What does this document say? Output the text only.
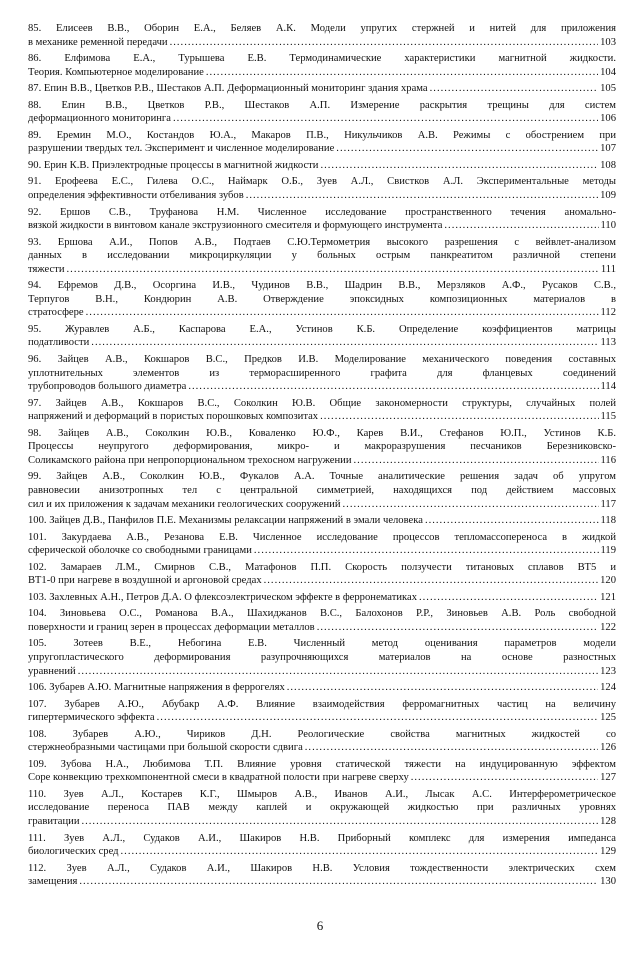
85. Елисеев В.В., Оборин Е.А., Беляев А.К. Модели упругих стержней и нитей для приложения
в механике ременной передачи .....	103
86. Елфимова Е.А., Турышева Е.В. Термодинамические характеристики магнитной жидкости.
Теория. Компьютерное моделирование .....	104
87. Епин В.В., Цветков Р.В., Шестаков А.П. Деформационный мониторинг здания храма .....	105
88. Епин В.В., Цветков Р.В., Шестаков А.П. Измерение раскрытия трещины для систем
деформационного мониторинга .....	106
89. Еремин М.О., Костандов Ю.А., Макаров П.В., Никульчиков А.В. Режимы с обострением при
разрушении твердых тел. Эксперимент и численное моделирование .....	107
90. Ерин К.В. Приэлектродные процессы в магнитной жидкости .....	108
91. Ерофеева Е.С., Гилева О.С., Наймарк О.Б., Зуев А.Л., Свистков А.Л. Экспериментальные методы
определения эффективности отбеливания зубов .....	109
92. Ершов С.В., Труфанова Н.М. Численное исследование пространственного течения аномально-
вязкой жидкости в винтовом канале экструзионного смесителя и формующего инструмента .....	110
93. Ершова А.И., Попов А.В., Подтаев С.Ю.Термометрия высокого разрешения с вейвлет-анализом
данных в исследовании микроциркуляции у больных острым панкреатитом различной степени
тяжести .....	111
94. Ефремов Д.В., Осоргина И.В., Чудинов В.В., Шадрин В.В., Мерзляков А.Ф., Русаков С.В.,
Терпугов В.Н., Кондюрин А.В. Отверждение эпоксидных композиционных материалов в
стратосфере .....	112
95. Журавлев А.Б., Каспарова Е.А., Устинов К.Б. Определение коэффициентов матрицы
податливости .....	113
96. Зайцев А.В., Кокшаров В.С., Предков И.В. Моделирование механического поведения составных
уплотнительных элементов из терморасширенного графита для фланцевых соединений
трубопроводов большого диаметра .....	114
97. Зайцев А.В., Кокшаров В.С., Соколкин Ю.В. Общие закономерности структуры, случайных полей
напряжений и деформаций в пористых порошковых композитах .....	115
98. Зайцев А.В., Соколкин Ю.В., Коваленко Ю.Ф., Карев В.И., Стефанов Ю.П., Устинов К.Б.
Процессы неупругого деформирования, микро- и макроразрушения песчаников Березниковско-
Соликамского района при непропорциональном трехосном нагружении .....	116
99. Зайцев А.В., Соколкин Ю.В., Фукалов А.А. Точные аналитические решения задач об упругом
равновесии анизотропных тел с центральной симметрией, находящихся под действием массовых
сил и их приложения к задачам механики геологических сооружений .....	117
100. Зайцев Д.В., Панфилов П.Е. Механизмы релаксации напряжений в эмали человека .....	118
101. Закурдаева А.В., Резанова Е.В. Численное исследование процессов тепломассопереноса в жидкой
сферической оболочке со свободными границами .....	119
102. Замараев Л.М., Смирнов С.В., Матафонов П.П. Скорость ползучести титановых сплавов ВТ5 и
ВТ1-0 при нагреве в воздушной и аргоновой средах .....	120
103. Захлевных А.Н., Петров Д.А. О флексоэлектрическом эффекте в ферронематиках .....	121
104. Зиновьева О.С., Романова В.А., Шахиджанов В.С., Балохонов Р.Р., Зиновьев А.В. Роль свободной
поверхности и границ зерен в процессах деформации металлов .....	122
105.	Зотеев В.Е., Небогина Е.В. Численный метод оценивания параметров модели
упругопластического деформирования разупрочняющихся материалов на основе разностных
уравнений .....	123
106. Зубарев А.Ю. Магнитные напряжения в феррогелях .....	124
107. Зубарев А.Ю., Абубакр А.Ф. Влияние взаимодействия ферромагнитных частиц на величину
гипертермического эффекта .....	125
108. Зубарев А.Ю., Чириков Д.Н. Реологические свойства магнитных жидкостей со
стержнеобразными частицами при большой скорости сдвига .....	126
109. Зубова Н.А., Любимова Т.П. Влияние уровня статической тяжести на индуцированную эффектом
Соре конвекцию трехкомпонентной смеси в квадратной полости при нагреве сверху .....	127
110. Зуев А.Л., Костарев К.Г., Шмыров А.В., Иванов А.И., Лысак А.С. Интерферометрическое
исследование переноса ПАВ между каплей и окружающей жидкостью при различных уровнях
гравитации .....	128
111. Зуев А.Л., Судаков А.И., Шакиров Н.В. Приборный комплекс для измерения импеданса
биологических сред .....	129
112. Зуев А.Л., Судаков А.И., Шакиров Н.В. Условия тождественности электрических схем
замещения .....	130
6
